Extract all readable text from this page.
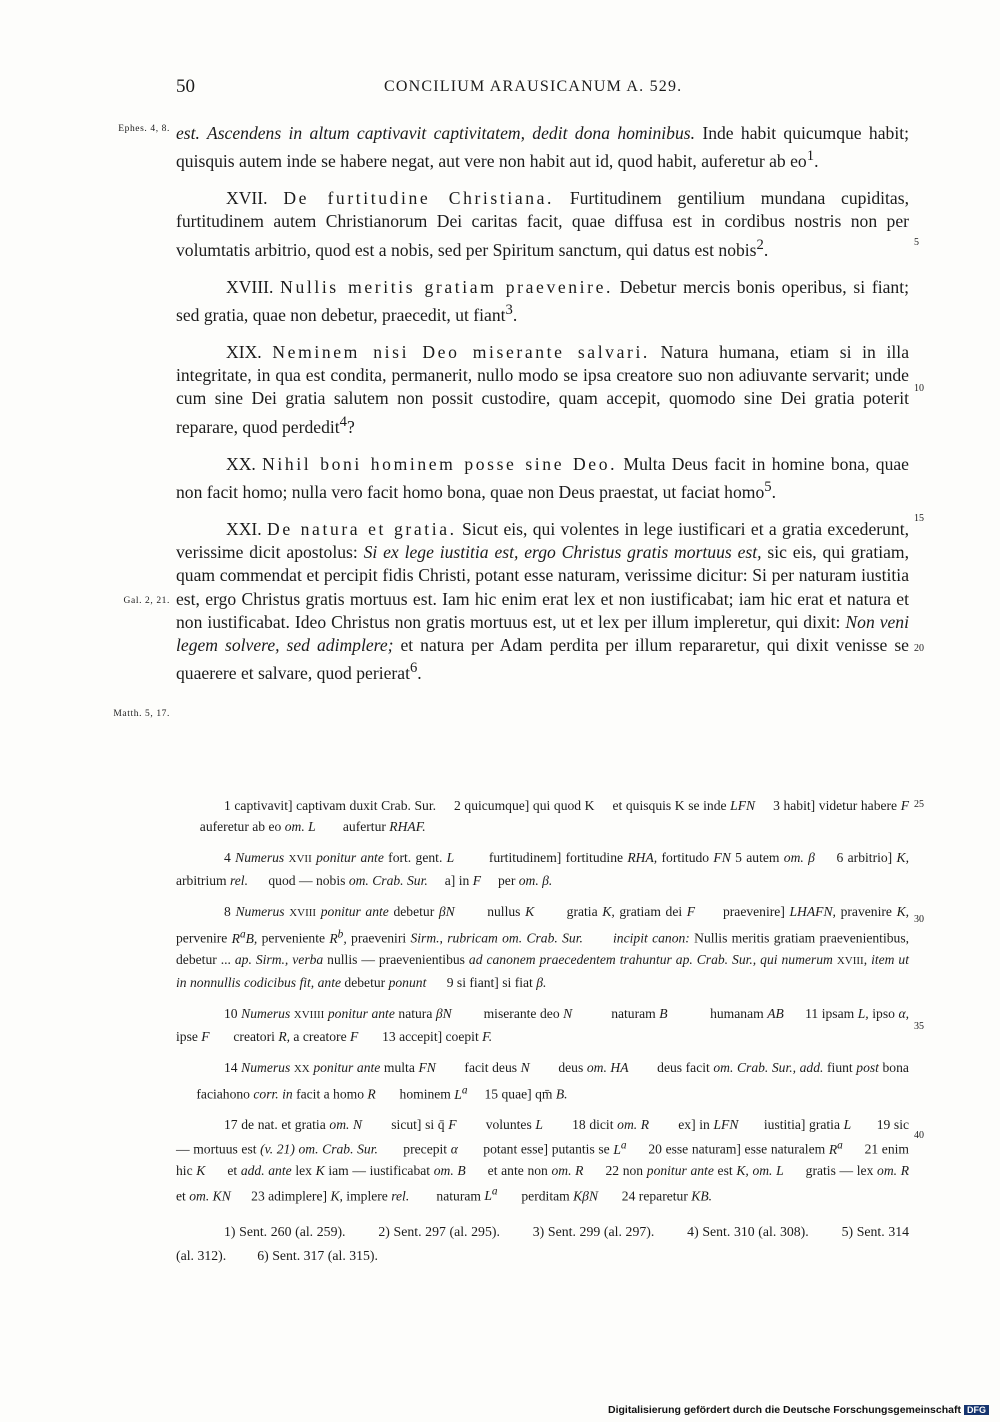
50	CONCILIUM ARAUSICANUM A. 529.
Ephes. 4, 8.
Gal. 2, 21.
Matth. 5, 17.
5
10
15
20
25
30
35
40

est. Ascendens in altum captivavit captivitatem, dedit dona hominibus. Inde habit quicumque habit; quisquis autem inde se habere negat, aut vere non habit aut id, quod habit, auferetur ab $eo^1$.

XVII. De furtitudine Christiana. Furtitudinem gentilium mundana cupiditas, furtitudinem autem Christianorum Dei caritas facit, quae diffusa est in cordibus nostris non per volumtatis arbitrio, quod est a nobis, sed per Spiritum sanctum, qui datus est nobis$^2$.

XVIII. Nullis meritis gratiam praevenire. Debetur mercis bonis operibus, si fiant; sed gratia, quae non debetur, praecedit, ut fiant$^3$.

XIX. Neminem nisi Deo miserante salvari. Natura humana, etiam si in illa integritate, in qua est condita, permanerit, nullo modo se ipsa creatore suo non adiuvante servarit; unde cum sine Dei gratia salutem non possit custodire, quam accepit, quomodo sine Dei gratia poterit reparare, quod perdedit$^4$?

XX. Nihil boni hominem posse sine Deo. Multa Deus facit in homine bona, quae non facit homo; nulla vero facit homo bona, quae non Deus praestat, ut faciat homo$^5$.

XXI. De natura et gratia. Sicut eis, qui volentes in lege iustificari et a gratia excederunt, verissime dicit apostolus: Si ex lege iustitia est, ergo Christus gratis mortuus est, sic eis, qui gratiam, quam commendat et percipit fidis Christi, potant esse naturam, verissime dicitur: Si per naturam iustitia est, ergo Christus gratis mortuus est. Iam hic enim erat lex et non iustificabat; iam hic erat et natura et non iustificabat. Ideo Christus non gratis mortuus est, ut et lex per illum impleretur, qui dixit: Non veni legem solvere, sed adimplere; et natura per Adam perdita per illum repararetur, qui dixit venisse se quaerere et salvare, quod perierat$^6$.

1 captivavit] captivam duxit Crab. Sur. 2 quicumque] qui quod K et quisquis K se inde LFN     3 habit] videtur habere F        auferetur ab eo om. L        aufertur RHAF.

4 Numerus XVII ponitur ante fort. gent. L        furtitudinem] fortitudine RHA, fortitudo FN 5 autem om. β     6 arbitrio] K, arbitrium rel.      quod — nobis om. Crab. Sur.     a] in F     per om. β.

8 Numerus XVIII ponitur ante debetur βN       nullus K       gratia K, gratiam dei F      praevenire] LHAFN, pravenire K, pervenire $R^aB$, perveniente $R^b$, praeveniri Sirm., rubricam om. Crab. Sur. incipit canon: Nullis meritis gratiam praevenientibus, debetur ... ap. Sirm., verba nullis — praevenientibus ad canonem praecedentem trahuntur ap. Crab. Sur., qui numerum XVIII, item ut in nonnullis codicibus fit, ante debetur ponunt      9 si fiant] si fiat β.

10 Numerus XVIIII ponitur ante natura βN         miserante deo N           naturam B            humanam AB      11 ipsam L, ipso α, ipse F       creatori R, a creatore F       13 accepit] coepit F.

14 Numerus XX ponitur ante multa FN        facit deus N        deus om. HA        deus facit om. Crab. Sur., add. fiunt post bona       faciahono corr. in facit a homo R       hominem $L^a$     15 quae] qm̄ B.

17 de nat. et gratia om. N        sicut] si q̄ F        voluntes L        18 dicit om. R        ex] in LFN       iustitia] gratia L       19 sic — mortuus est (v. 21) om. Crab. Sur.       precepit α       potant esse] putantis se $L^a$      20 esse naturam] esse naturalem $R^a$      21 enim hic K      et add. ante lex K iam — iustificabat om. B      et ante non om. R      22 non ponitur ante est K, om. L      gratis — lex om. R et om. KN      23 adimplere] K, implere rel.        naturam $L^a$       perditam KβN       24 reparetur KB.

1) Sent. 260 (al. 259). 2) Sent. 297 (al. 295). 3) Sent. 299 (al. 297). 4) Sent. 310 (al. 308). 5) Sent. 314 (al. 312). 6) Sent. 317 (al. 315).

Digitalisierung gefördert durch die Deutsche Forschungsgemeinschaft DFG
